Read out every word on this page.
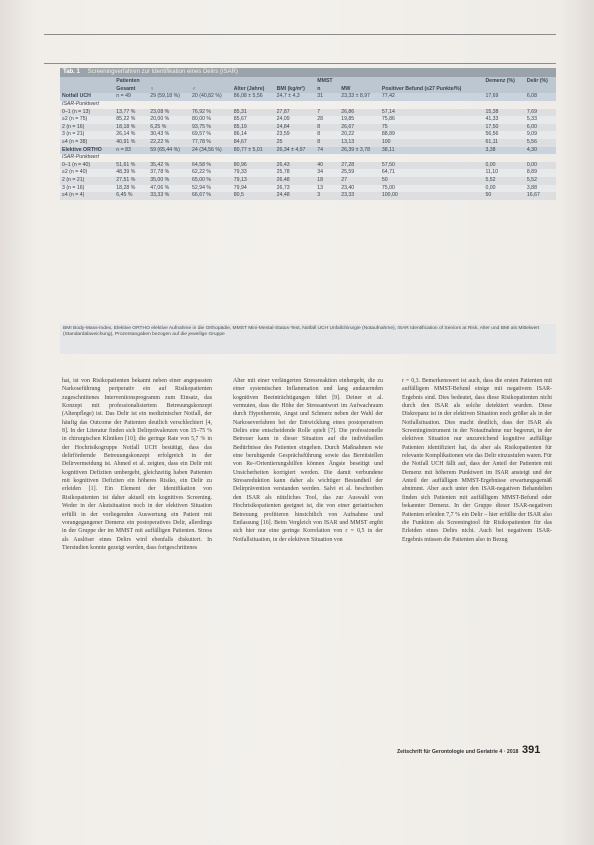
Tab. 1 Screeningverfahren zur Identifikation eines Delirs (ISAR)
	Patienten					MMST			Demenz (%)	Delir (%)
	Gesamt	♀	♂	Alter (Jahre)	BMI (kg/m²)	n	MW	Positiver Befund (≤27 Punkte/%)		
Notfall UCH	n = 49	29 (59,18 %)	20 (40,82 %)	86,08 ± 5,56	24,7 ± 4,3	31	23,33 ± 8,97	77,42	17,69	6,08
ISAR-Punktwert										
0–1 (n = 13)	13,77 %	23,08 %	76,92 %	85,31	27,87	7	26,86	57,14	15,38	7,69
≥2 (n = 75)	85,22 %	20,00 %	80,00 %	85,67	24,09	28	19,85	75,86	41,33	5,33
2 (n = 16)	18,18 %	6,25 %	93,75 %	85,19	24,84	8	26,67	75	17,50	6,00
3 (n = 21)	26,14 %	30,43 %	69,57 %	86,14	23,59	8	20,22	88,89	56,56	9,09
≥4 (n = 38)	40,91 %	22,22 %	77,78 %	84,67	25	8	13,13	100	61,11	5,56
Elektive ORTHO	n = 83	59 (65,44 %)	24 (34,56 %)	80,77 ± 5,01	26,34 ± 4,97	74	26,39 ± 3,78	38,11	3,38	4,30
ISAR-Punktwert										
0–1 (n = 40)	51,61 %	35,42 %	64,58 %	80,96	26,43	40	27,28	57,50	0,00	0,00
≥2 (n = 40)	48,39 %	37,78 %	62,22 %	79,33	25,78	34	25,59	64,71	11,10	8,89
2 (n = 21)	27,51 %	35,00 %	65,00 %	79,13	26,48	18	27	50	5,52	5,52
3 (n = 16)	18,28 %	47,06 %	52,94 %	79,94	26,73	13	23,40	75,00	0,00	3,88
≥4 (n = 4)	6,45 %	33,33 %	66,67 %	80,5	24,48	3	23,33	100,00	50	16,67
BMI Body-Mass-Index, Elektive ORTHO elektive Aufnahme in die Orthopädie, MMST Mini-Mental-Status-Test, Notfall UCH Unfallchirurgie (Notaufnahme), ISAR Identification of Seniors at Risk, Alter und BMI als Mittelwert (Standardabweichung), Prozentangaben bezogen auf die jeweilige Gruppe

hat, ist von Risikopatienten bekannt neben einer angepassten Narkoseführung periperativ ein auf Risikopatienten zugeschnittenes Interventionsprogramm zum Einsatz, das Konzept mit professionalisiertem Betreuungskonzept (Altenpflege) ist. Das Delir ist ein medizinischer Notfall, der häufig das Outcome der Patienten deutlich verschlechtert [4, 8]. In der Literatur finden sich Delirprävalenzen von 15–75 % in chirurgischen Kliniken [10]; die geringe Rate von 5,7 % in der Hochrisikogruppe Notfall UCH bestätigt, dass das delirfördernde Betreuungskonzept erfolgreich in der Delirvermeidung ist. Ahmed et al. zeigten, dass ein Delir mit kognitiven Defiziten umbergeht, gleichzeitig haben Patienten mit kognitiven Defiziten ein höheres Risiko, ein Delir zu erleiden [1]. Ein Element der Identifikation von Risikopatienten ist daher aktuell ein kognitives Screening. Weder in der Akutsituation noch in der elektiven Situation erfüllt in der vorliegenden Auswertung ein Patient mit vorangegangener Demenz ein postoperatives Delir, allerdings in der Gruppe der im MMST mit auffälligen Patienten. Stress als Auslöser eines Delirs wird ebenfalls diskutiert. In Tierstudien konnte gezeigt werden, dass fortgeschrittenes

Alter mit einer verlängerten Stressreaktion einhergeht, die zu einer systemischen Inflammation und lang andauernden kognitiven Beeinträchtigungen führt [9]. Deiner et al. vermuten, dass die Höhe der Stressantwort im Aufwachraum durch Hypothermie, Angst und Schmerz neben der Wahl der Narkoseverfahren bei der Entwicklung eines postoperativen Delirs eine entscheidende Rolle spielt [7]. Die professionelle Betreuer kann in dieser Situation auf die individuellen Bedürfnisse des Patienten eingehen. Durch Maßnahmen wie eine beruhigende Gesprächsführung sowie das Bereitstellen von Re-/Orientierungshilfen können Ängste beseitigt und Unsicherheiten korrigiert werden. Die damit verbundene Stressreduktion kann daher als wichtiger Bestandteil der Delirprävention verstanden werden. Salvi et al. beschreiben den ISAR als nützliches Tool, das zur Auswahl von Hochrisikopatienten geeignet ist, die von einer geriatrischen Betreuung profitieren hinsichtlich von Aufnahme und Entlassung [16]. Beim Vergleich von ISAR und MMST ergibt sich hier nur eine geringe Korrelation von r = 0,5 in der Notfallsituation, in der elektiven Situation von

r = 0,3. Bemerkenswert ist auch, dass die ersten Patienten mit auffälligem MMST-Befund einige mit negativem ISAR-Ergebnis sind. Dies bedeutet, dass diese Risikopatienten nicht durch den ISAR als solche detektiert wurden. Diese Diskrepanz ist in der elektiven Situation noch größer als in der Notfallsituation. Dies macht deutlich, dass der ISAR als Screeninginstrument in der Notaufnahme nur begrenzt, in der elektiven Situation nur unzureichend kognitive auffällige Patienten identifiziert hat, da aber als Risikopatienten für relevante Komplikationen wie das Delir einzustufen waren. Für die Notfall UCH fällt auf, dass der Anteil der Patienten mit Demenz mit höherem Punktwert im ISAR ansteigt und der Anteil der auffälligen MMST-Ergebnisse erwartungsgemäß abnimmt. Aber auch unter den ISAR-negativen Behandelten finden sich Patienten mit auffälligem MMST-Befund oder bekannter Demenz. In der Gruppe dieser ISAR-negativen Patienten erleiden 7,7 % ein Delir – hier erfüllte der ISAR also die Funktion als Screeningtool für Risikopatienten für das Erleiden eines Delirs nicht. Auch bei negativem ISAR-Ergebnis müssen die Patienten also in Bezug

Zeitschrift für Gerontologie und Geriatrie 4 · 2018 391
